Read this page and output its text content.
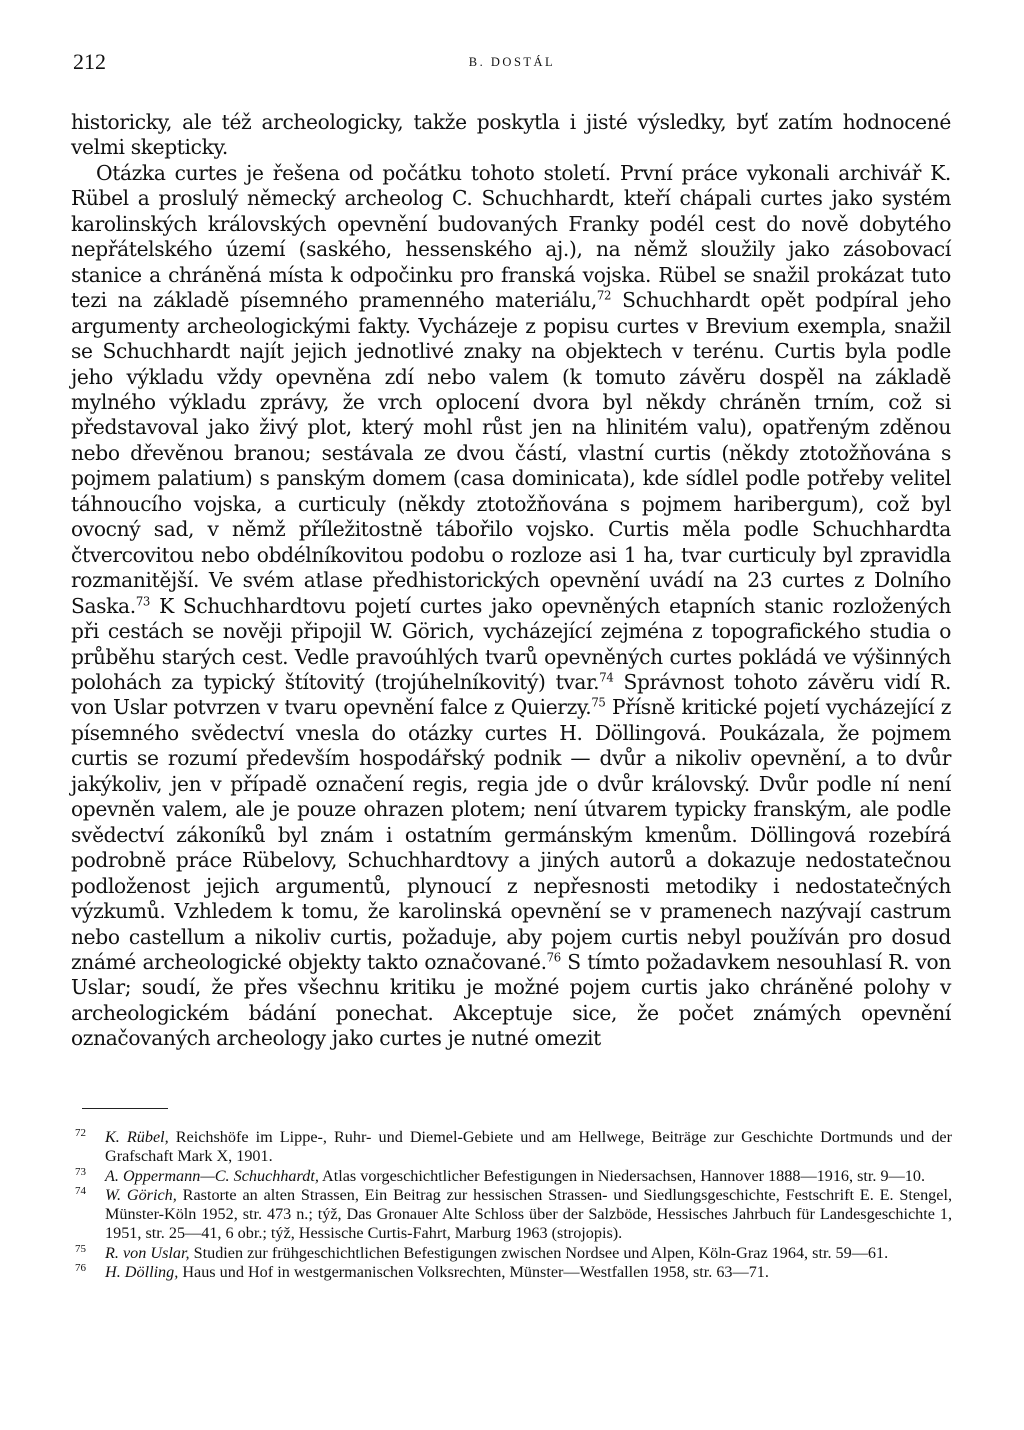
212	B. DOSTÁL

historicky, ale též archeologicky, takže poskytla i jisté výsledky, byť zatím hodnocené velmi skepticky.

Otázka curtes je řešena od počátku tohoto století. První práce vykonali archivář K. Rübel a proslulý německý archeolog C. Schuchhardt, kteří chápali curtes jako systém karolinských královských opevnění budovaných Franky podél cest do nově dobytého nepřátelského území (saského, hessenského aj.), na němž sloužily jako zásobovací stanice a chráněná místa k odpočinku pro franská vojska. Rübel se snažil prokázat tuto tezi na základě písemného pramenného materiálu,$^{72}$ Schuchhardt opět podpíral jeho argumenty archeologickými fakty. Vycházeje z popisu curtes v Brevium exempla, snažil se Schuchhardt najít jejich jednotlivé znaky na objektech v terénu. Curtis byla podle jeho výkladu vždy opevněna zdí nebo valem (k tomuto závěru dospěl na základě mylného výkladu zprávy, že vrch oplocení dvora byl někdy chráněn trním, což si představoval jako živý plot, který mohl růst jen na hlinitém valu), opatřeným zděnou nebo dřevěnou branou; sestávala ze dvou částí, vlastní curtis (někdy ztotožňována s pojmem palatium) s panským domem (casa dominicata), kde sídlel podle potřeby velitel táhnoucího vojska, a curticuly (někdy ztotožňována s pojmem haribergum), což byl ovocný sad, v němž příležitostně tábořilo vojsko. Curtis měla podle Schuchhardta čtvercovitou nebo obdélníkovitou podobu o rozloze asi 1 ha, tvar curticuly byl zpravidla rozmanitější. Ve svém atlase předhistorických opevnění uvádí na 23 curtes z Dolního Saska.$^{73}$ K Schuchhardtovu pojetí curtes jako opevněných etapních stanic rozložených při cestách se nověji připojil W. Görich, vycházející zejména z topografického studia o průběhu starých cest. Vedle pravoúhlých tvarů opevněných curtes pokládá ve výšinných polohách za typický štítovitý (trojúhelníkovitý) tvar.$^{74}$ Správnost tohoto závěru vidí R. von Uslar potvrzen v tvaru opevnění falce z Quierzy.$^{75}$ Přísně kritické pojetí vycházející z písemného svědectví vnesla do otázky curtes H. Döllingová. Poukázala, že pojmem curtis se rozumí především hospodářský podnik — dvůr a nikoliv opevnění, a to dvůr jakýkoliv, jen v případě označení regis, regia jde o dvůr královský. Dvůr podle ní není opevněn valem, ale je pouze ohrazen plotem; není útvarem typicky franským, ale podle svědectví zákoníků byl znám i ostatním germánským kmenům. Döllingová rozebírá podrobně práce Rübelovy, Schuchhardtovy a jiných autorů a dokazuje nedostatečnou podloženost jejich argumentů, plynoucí z nepřesnosti metodiky i nedostatečných výzkumů. Vzhledem k tomu, že karolinská opevnění se v pramenech nazývají castrum nebo castellum a nikoliv curtis, požaduje, aby pojem curtis nebyl používán pro dosud známé archeologické objekty takto označované.$^{76}$ S tímto požadavkem nesouhlasí R. von Uslar; soudí, že přes všechnu kritiku je možné pojem curtis jako chráněné polohy v archeologickém bádání ponechat. Akceptuje sice, že počet známých opevnění označovaných archeology jako curtes je nutné omezit

72 K. Rübel, Reichshöfe im Lippe-, Ruhr- und Diemel-Gebiete und am Hellwege, Beiträge zur Geschichte Dortmunds und der Grafschaft Mark X, 1901.
73 A. Oppermann—C. Schuchhardt, Atlas vorgeschichtlicher Befestigungen in Niedersachsen, Hannover 1888—1916, str. 9—10.
74 W. Görich, Rastorte an alten Strassen, Ein Beitrag zur hessischen Strassen- und Siedlungsgeschichte, Festschrift E. E. Stengel, Münster-Köln 1952, str. 473 n.; týž, Das Gronauer Alte Schloss über der Salzböde, Hessisches Jahrbuch für Landesgeschichte 1, 1951, str. 25—41, 6 obr.; týž, Hessische Curtis-Fahrt, Marburg 1963 (strojopis).
75 R. von Uslar, Studien zur frühgeschichtlichen Befestigungen zwischen Nordsee und Alpen, Köln-Graz 1964, str. 59—61.
76 H. Dölling, Haus und Hof in westgermanischen Volksrechten, Münster—Westfallen 1958, str. 63—71.
